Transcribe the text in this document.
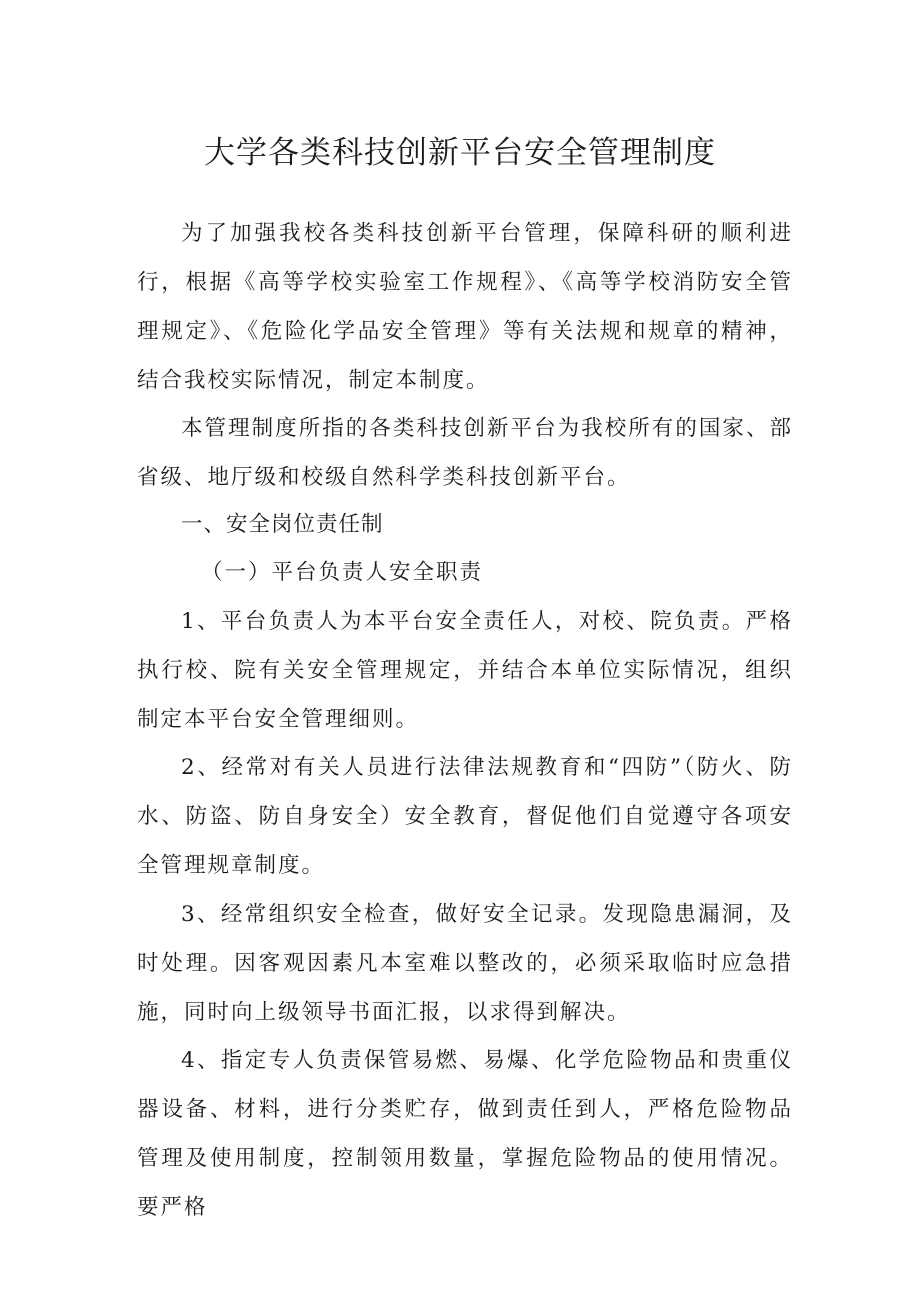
大学各类科技创新平台安全管理制度

为了加强我校各类科技创新平台管理，保障科研的顺利进行，根据《高等学校实验室工作规程》、《高等学校消防安全管理规定》、《危险化学品安全管理》等有关法规和规章的精神，结合我校实际情况，制定本制度。

本管理制度所指的各类科技创新平台为我校所有的国家、部省级、地厅级和校级自然科学类科技创新平台。

一、安全岗位责任制

（一）平台负责人安全职责

1、平台负责人为本平台安全责任人，对校、院负责。严格执行校、院有关安全管理规定，并结合本单位实际情况，组织制定本平台安全管理细则。

2、经常对有关人员进行法律法规教育和“四防”（防火、防水、防盗、防自身安全）安全教育，督促他们自觉遵守各项安全管理规章制度。

3、经常组织安全检查，做好安全记录。发现隐患漏洞，及时处理。因客观因素凡本室难以整改的，必须采取临时应急措施，同时向上级领导书面汇报，以求得到解决。

4、指定专人负责保管易燃、易爆、化学危险物品和贵重仪器设备、材料，进行分类贮存，做到责任到人，严格危险物品管理及使用制度，控制领用数量，掌握危险物品的使用情况。要严格
